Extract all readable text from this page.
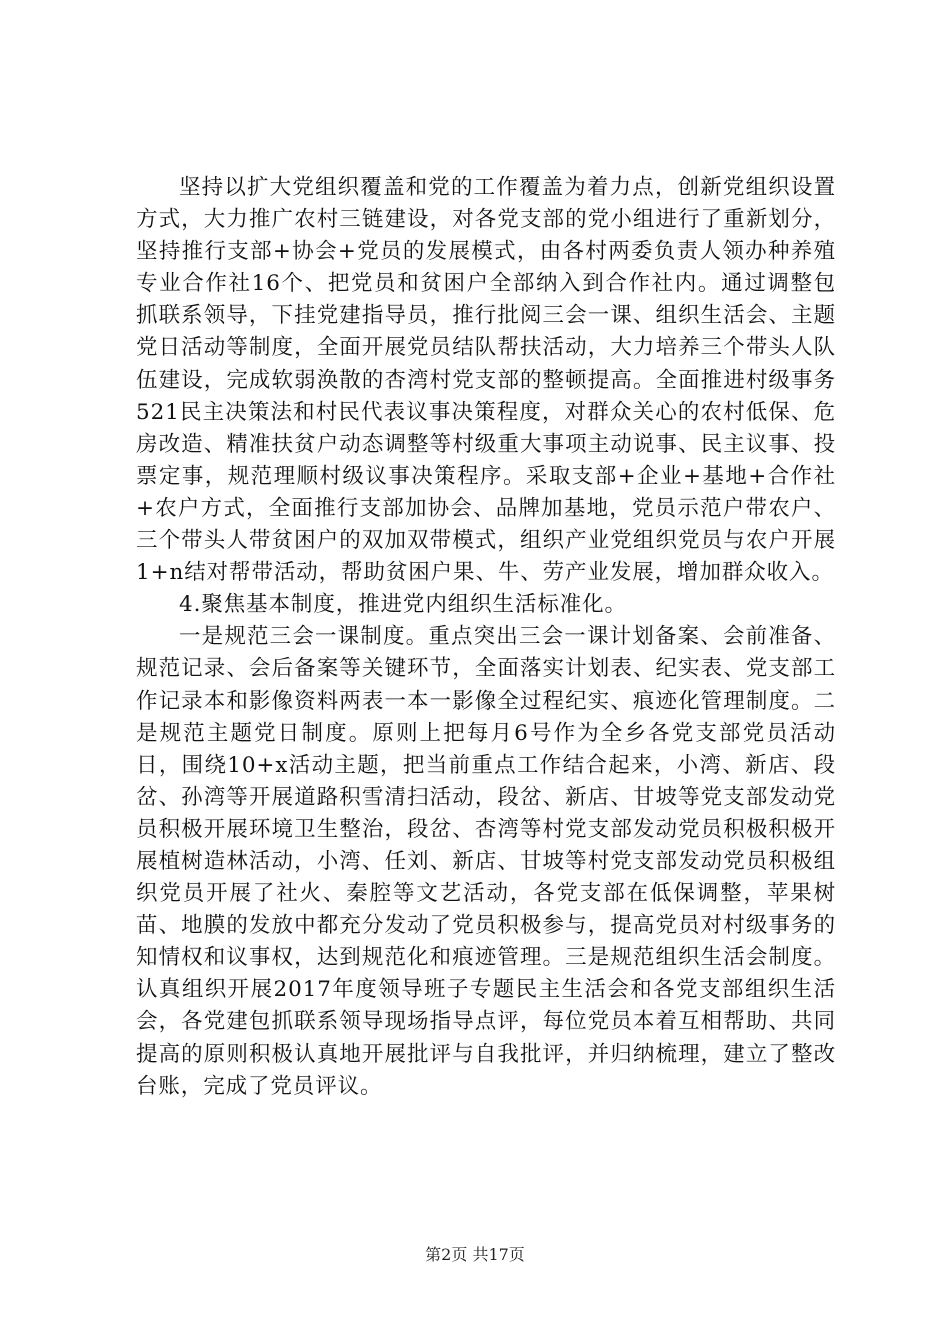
坚持以扩大党组织覆盖和党的工作覆盖为着力点，创新党组织设置方式，大力推广农村三链建设，对各党支部的党小组进行了重新划分，坚持推行支部+协会+党员的发展模式，由各村两委负责人领办种养殖专业合作社16个、把党员和贫困户全部纳入到合作社内。通过调整包抓联系领导，下挂党建指导员，推行批阅三会一课、组织生活会、主题党日活动等制度，全面开展党员结队帮扶活动，大力培养三个带头人队伍建设，完成软弱涣散的杏湾村党支部的整顿提高。全面推进村级事务521民主决策法和村民代表议事决策程度，对群众关心的农村低保、危房改造、精准扶贫户动态调整等村级重大事项主动说事、民主议事、投票定事，规范理顺村级议事决策程序。采取支部+企业+基地+合作社+农户方式，全面推行支部加协会、品牌加基地，党员示范户带农户、三个带头人带贫困户的双加双带模式，组织产业党组织党员与农户开展1+n结对帮带活动，帮助贫困户果、牛、劳产业发展，增加群众收入。

4.聚焦基本制度，推进党内组织生活标准化。

一是规范三会一课制度。重点突出三会一课计划备案、会前准备、规范记录、会后备案等关键环节，全面落实计划表、纪实表、党支部工作记录本和影像资料两表一本一影像全过程纪实、痕迹化管理制度。二是规范主题党日制度。原则上把每月6号作为全乡各党支部党员活动日，围绕10+x活动主题，把当前重点工作结合起来，小湾、新店、段岔、孙湾等开展道路积雪清扫活动，段岔、新店、甘坡等党支部发动党员积极开展环境卫生整治，段岔、杏湾等村党支部发动党员积极积极开展植树造林活动，小湾、任刘、新店、甘坡等村党支部发动党员积极组织党员开展了社火、秦腔等文艺活动，各党支部在低保调整，苹果树苗、地膜的发放中都充分发动了党员积极参与，提高党员对村级事务的知情权和议事权，达到规范化和痕迹管理。三是规范组织生活会制度。认真组织开展2017年度领导班子专题民主生活会和各党支部组织生活会，各党建包抓联系领导现场指导点评，每位党员本着互相帮助、共同提高的原则积极认真地开展批评与自我批评，并归纳梳理，建立了整改台账，完成了党员评议。

第2页 共17页
